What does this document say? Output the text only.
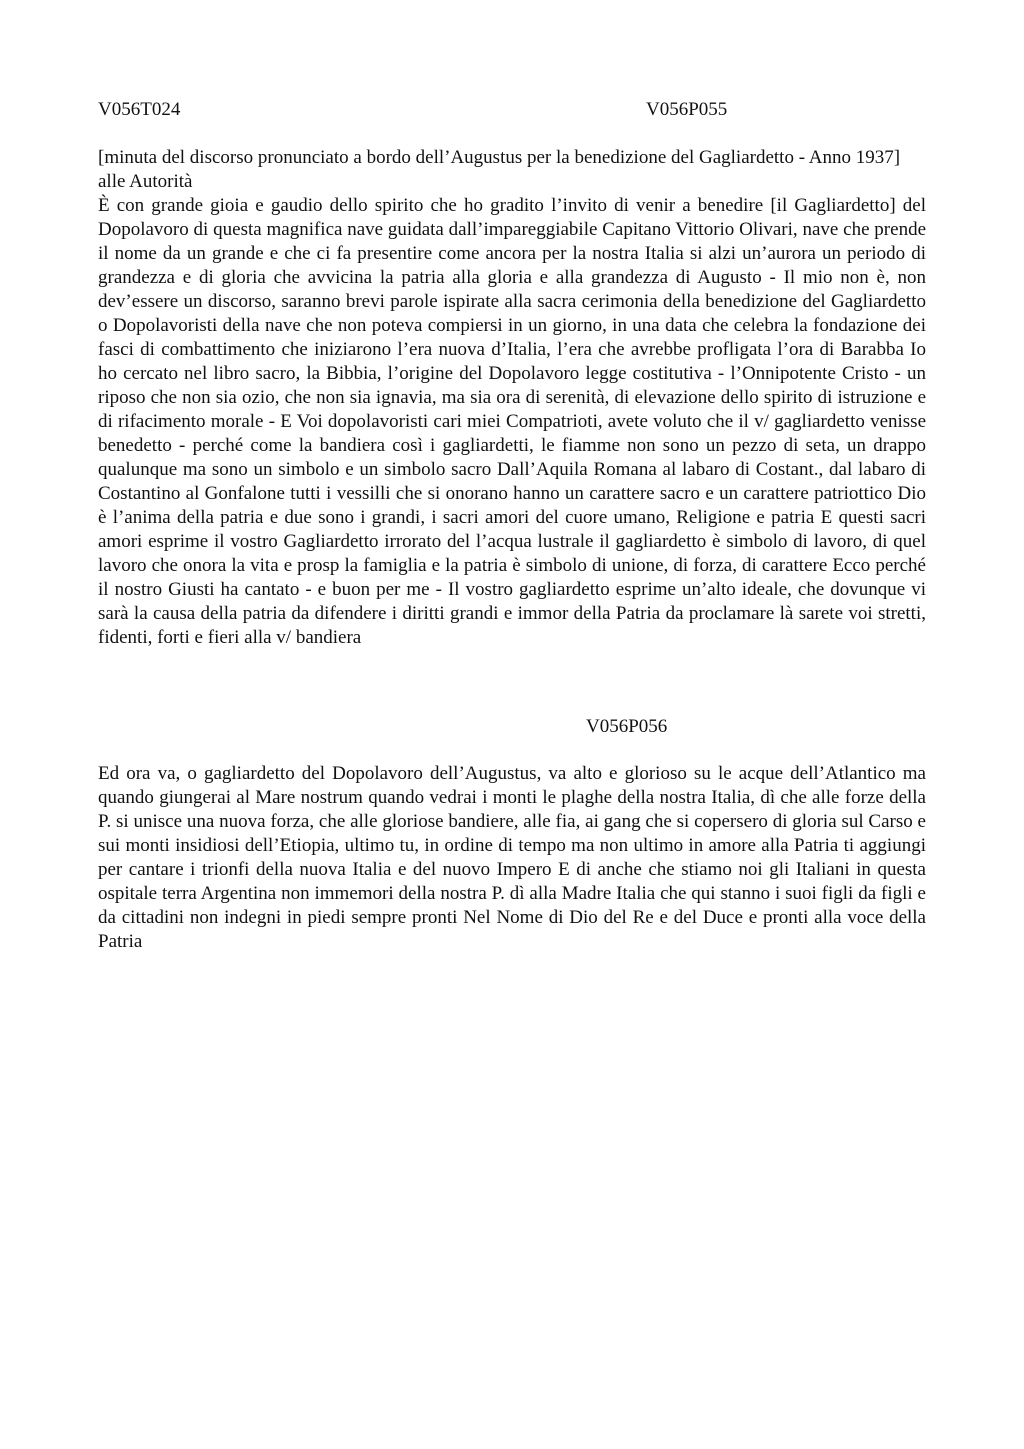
V056T024	V056P055

[minuta del discorso pronunciato a bordo dell’Augustus per la benedizione del Gagliardetto - Anno 1937]

alle Autorità

È con grande gioia e gaudio dello spirito che ho gradito l’invito di venir a benedire [il Gagliardetto] del Dopolavoro di questa magnifica nave guidata dall’impareggiabile Capitano Vittorio Olivari, nave che prende il nome da un grande e che ci fa presentire come ancora per la nostra Italia si alzi un’aurora un periodo di grandezza e di gloria che avvicina la patria alla gloria e alla grandezza di Augusto - Il mio non è, non dev’essere un discorso, saranno brevi parole ispirate alla sacra cerimonia della benedizione del Gagliardetto o Dopolavoristi della nave che non poteva compiersi in un giorno, in una data che celebra la fondazione dei fasci di combattimento che iniziarono l’era nuova d’Italia, l’era che avrebbe profligata l’ora di Barabba Io ho cercato nel libro sacro, la Bibbia, l’origine del Dopolavoro legge costitutiva - l’Onnipotente Cristo - un riposo che non sia ozio, che non sia ignavia, ma sia ora di serenità, di elevazione dello spirito di istruzione e di rifacimento morale - E Voi dopolavoristi cari miei Compatrioti, avete voluto che il v/ gagliardetto venisse benedetto - perché come la bandiera così i gagliardetti, le fiamme non sono un pezzo di seta, un drappo qualunque ma sono un simbolo e un simbolo sacro Dall’Aquila Romana al labaro di Costant., dal labaro di Costantino al Gonfalone tutti i vessilli che si onorano hanno un carattere sacro e un carattere patriottico Dio è l’anima della patria e due sono i grandi, i sacri amori del cuore umano, Religione e patria E questi sacri amori esprime il vostro Gagliardetto irrorato del l’acqua lustrale il gagliardetto è simbolo di lavoro, di quel lavoro che onora la vita e prosp la famiglia e la patria è simbolo di unione, di forza, di carattere Ecco perché il nostro Giusti ha cantato - e buon per me - Il vostro gagliardetto esprime un’alto ideale, che dovunque vi sarà la causa della patria da difendere i diritti grandi e immor della Patria da proclamare là sarete voi stretti, fidenti, forti e fieri alla v/ bandiera

V056P056

Ed ora va, o gagliardetto del Dopolavoro dell’Augustus, va alto e glorioso su le acque dell’Atlantico ma quando giungerai al Mare nostrum quando vedrai i monti le plaghe della nostra Italia, dì che alle forze della P. si unisce una nuova forza, che alle gloriose bandiere, alle fia, ai gang che si copersero di gloria sul Carso e sui monti insidiosi dell’Etiopia, ultimo tu, in ordine di tempo ma non ultimo in amore alla Patria ti aggiungi per cantare i trionfi della nuova Italia e del nuovo Impero E di anche che stiamo noi gli Italiani in questa ospitale terra Argentina non immemori della nostra P. dì alla Madre Italia che qui stanno i suoi figli da figli e da cittadini non indegni in piedi sempre pronti Nel Nome di Dio del Re e del Duce e pronti alla voce della Patria
